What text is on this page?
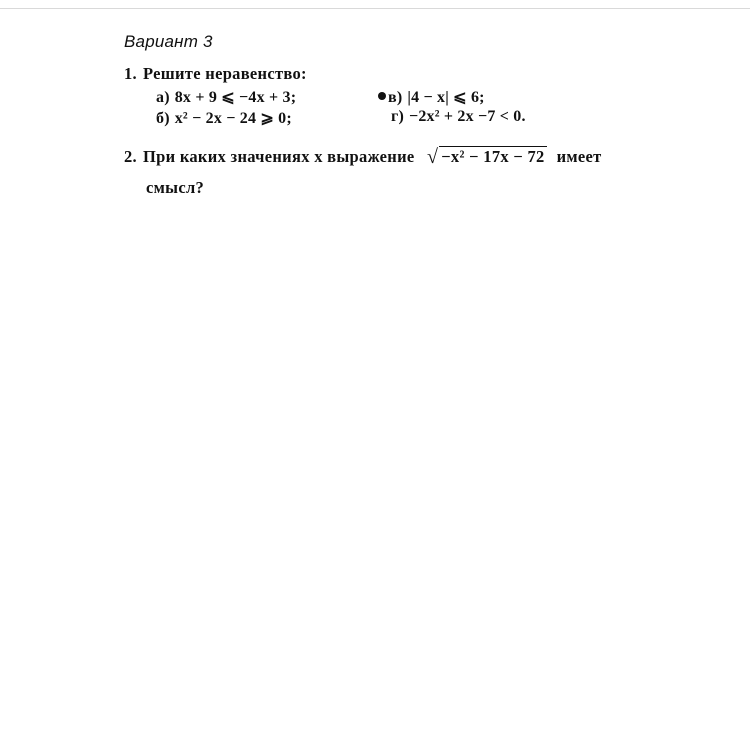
Вариант 3
1. Решите неравенство:
а) 8x + 9 ⩽ −4x + 3;
б) x² − 2x − 24 ⩾ 0;
в) |4 − x| ⩽ 6;
г) −2x² + 2x −7 < 0.
2. При каких значениях x выражение √ −x² − 17x − 72 имеет
смысл?
